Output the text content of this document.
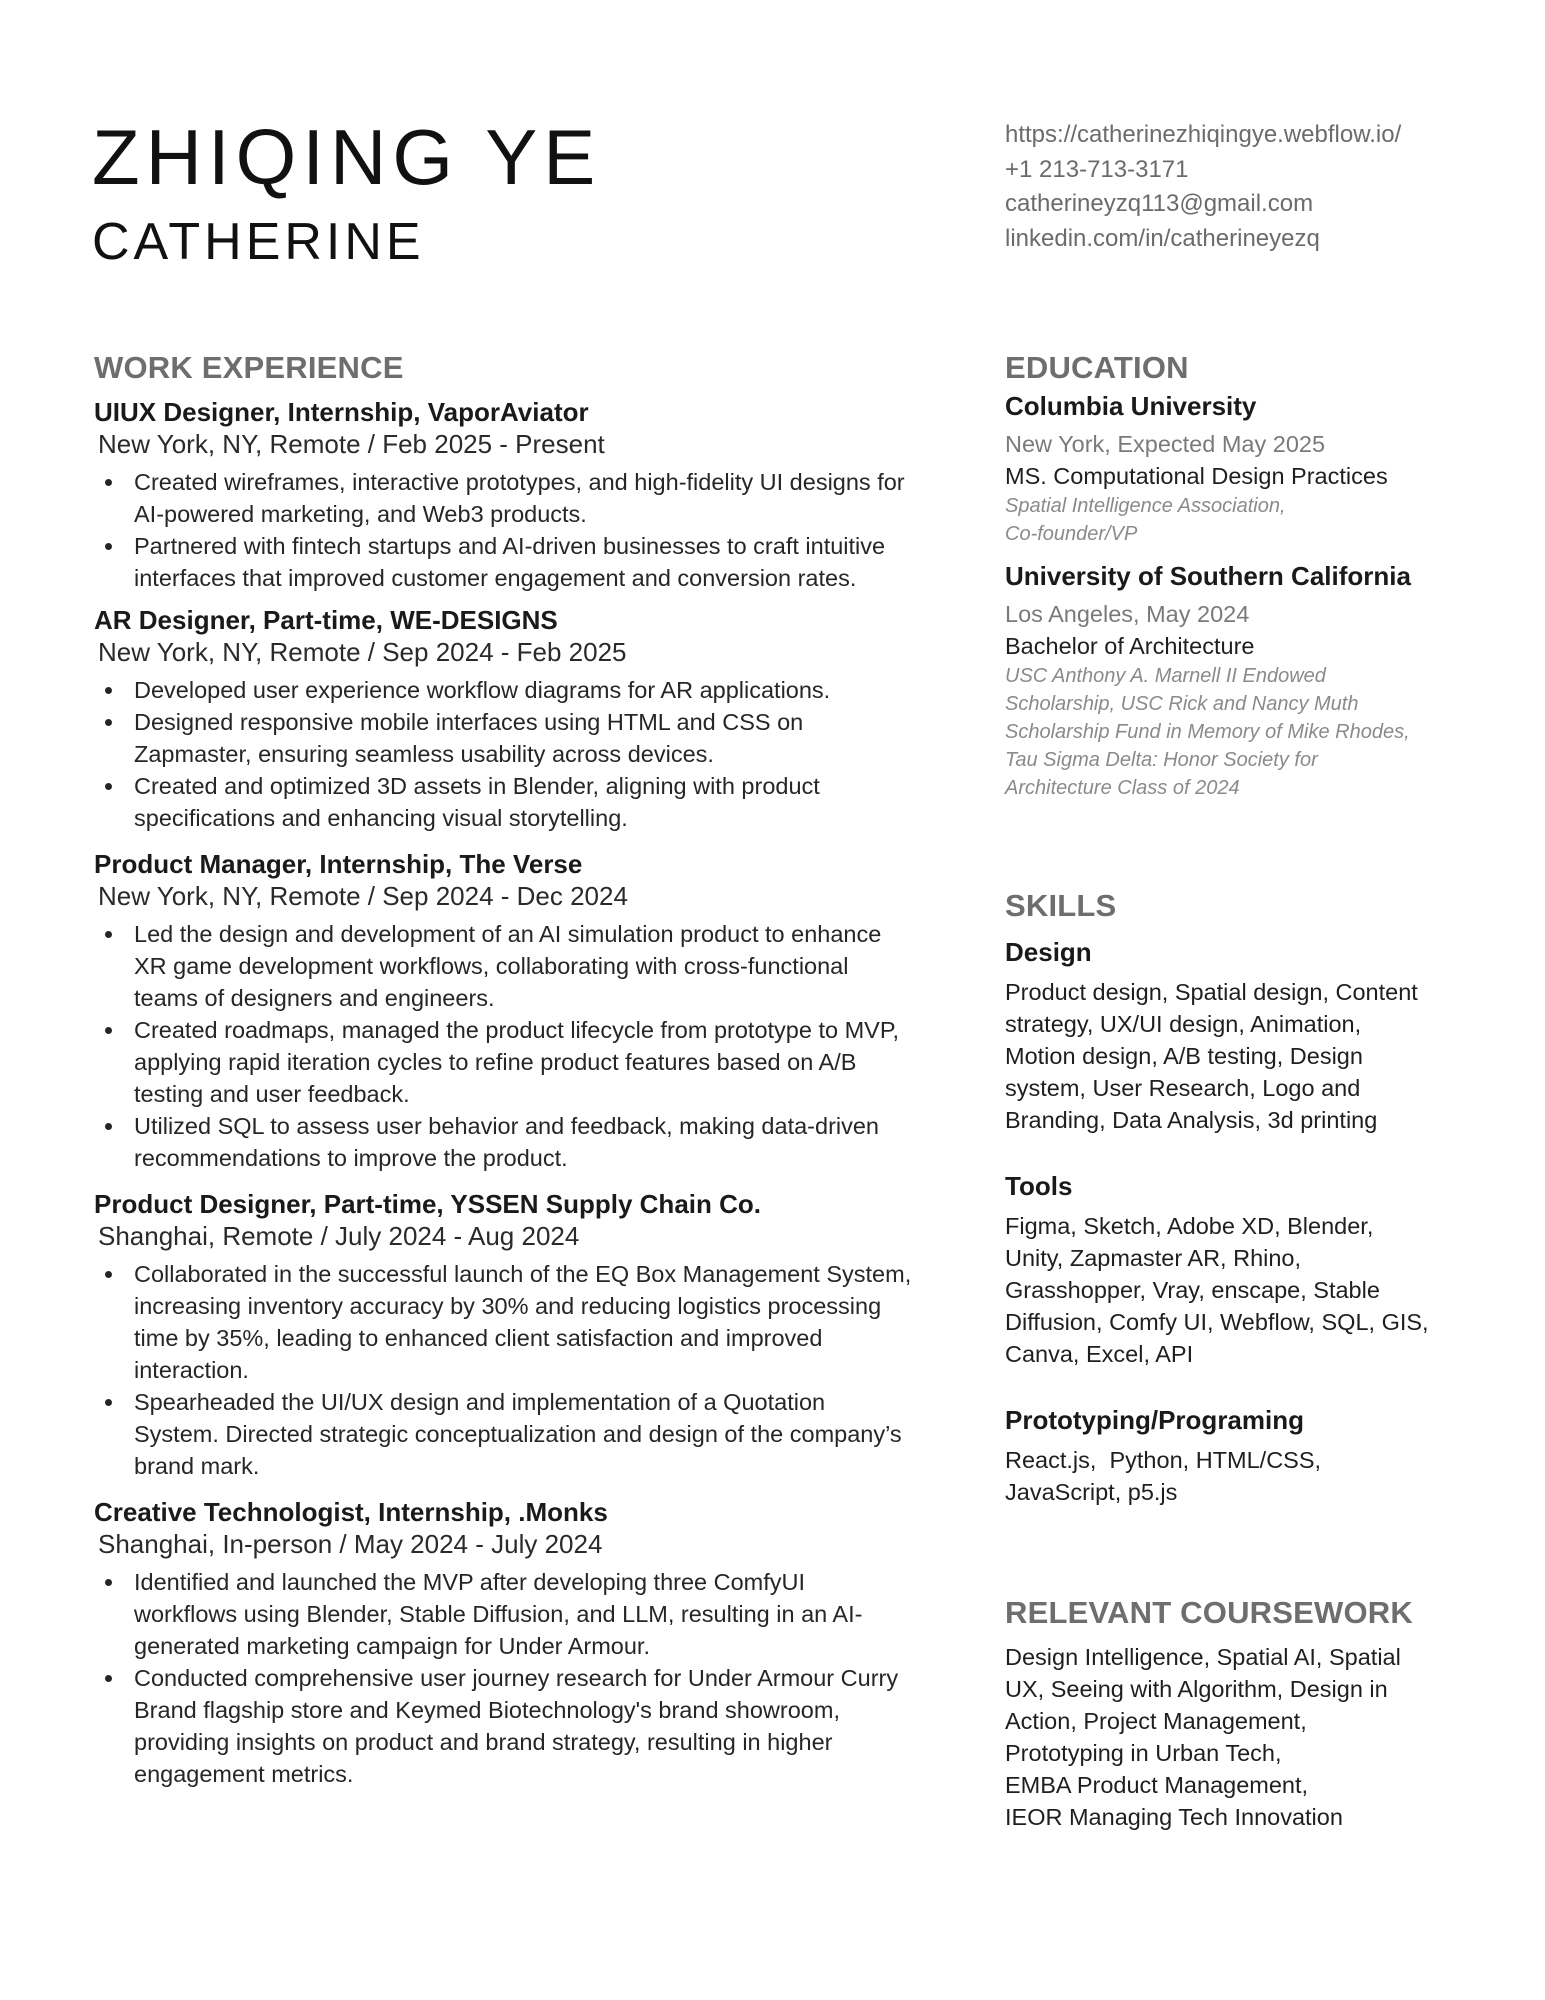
ZHIQING YE
CATHERINE
https://catherinezhiqingye.webflow.io/
+1 213-713-3171
catherineyzq113@gmail.com
linkedin.com/in/catherineyezq
WORK EXPERIENCE

UIUX Designer, Internship, VaporAviator

New York, NY, Remote / Feb 2025 - Present

Created wireframes, interactive prototypes, and high-fidelity UI designs for AI-powered marketing, and Web3 products.
Partnered with fintech startups and AI-driven businesses to craft intuitive interfaces that improved customer engagement and conversion rates.

AR Designer, Part-time, WE-DESIGNS

New York, NY, Remote / Sep 2024 - Feb 2025

Developed user experience workflow diagrams for AR applications.
Designed responsive mobile interfaces using HTML and CSS on Zapmaster, ensuring seamless usability across devices.
Created and optimized 3D assets in Blender, aligning with product specifications and enhancing visual storytelling.

Product Manager, Internship, The Verse

New York, NY, Remote / Sep 2024 - Dec 2024

Led the design and development of an AI simulation product to enhance XR game development workflows, collaborating with cross-functional teams of designers and engineers.
Created roadmaps, managed the product lifecycle from prototype to MVP, applying rapid iteration cycles to refine product features based on A/B testing and user feedback.
Utilized SQL to assess user behavior and feedback, making data-driven recommendations to improve the product.

Product Designer, Part-time, YSSEN Supply Chain Co.

Shanghai, Remote / July 2024 - Aug 2024

Collaborated in the successful launch of the EQ Box Management System, increasing inventory accuracy by 30% and reducing logistics processing time by 35%, leading to enhanced client satisfaction and improved interaction.
Spearheaded the UI/UX design and implementation of a Quotation System. Directed strategic conceptualization and design of the company’s brand mark.

Creative Technologist, Internship, .Monks

Shanghai, In-person / May 2024 - July 2024

Identified and launched the MVP after developing three ComfyUI workflows using Blender, Stable Diffusion, and LLM, resulting in an AI-generated marketing campaign for Under Armour.
Conducted comprehensive user journey research for Under Armour Curry Brand flagship store and Keymed Biotechnology's brand showroom, providing insights on product and brand strategy, resulting in higher engagement metrics.
EDUCATION

Columbia University

New York, Expected May 2025

MS. Computational Design Practices

Spatial Intelligence Association,
Co-founder/VP

University of Southern California

Los Angeles, May 2024

Bachelor of Architecture

USC Anthony A. Marnell II Endowed
Scholarship, USC Rick and Nancy Muth
Scholarship Fund in Memory of Mike Rhodes,
Tau Sigma Delta: Honor Society for
Architecture Class of 2024

SKILLS

Design

Product design, Spatial design, Content
strategy, UX/UI design, Animation,
Motion design, A/B testing, Design
system, User Research, Logo and
Branding, Data Analysis, 3d printing

Tools

Figma, Sketch, Adobe XD, Blender,
Unity, Zapmaster AR, Rhino,
Grasshopper, Vray, enscape, Stable
Diffusion, Comfy UI, Webflow, SQL, GIS,
Canva, Excel, API

Prototyping/Programing

React.js,  Python, HTML/CSS,
JavaScript, p5.js

RELEVANT COURSEWORK

Design Intelligence, Spatial AI, Spatial
UX, Seeing with Algorithm, Design in
Action, Project Management,
Prototyping in Urban Tech,
EMBA Product Management,
IEOR Managing Tech Innovation
